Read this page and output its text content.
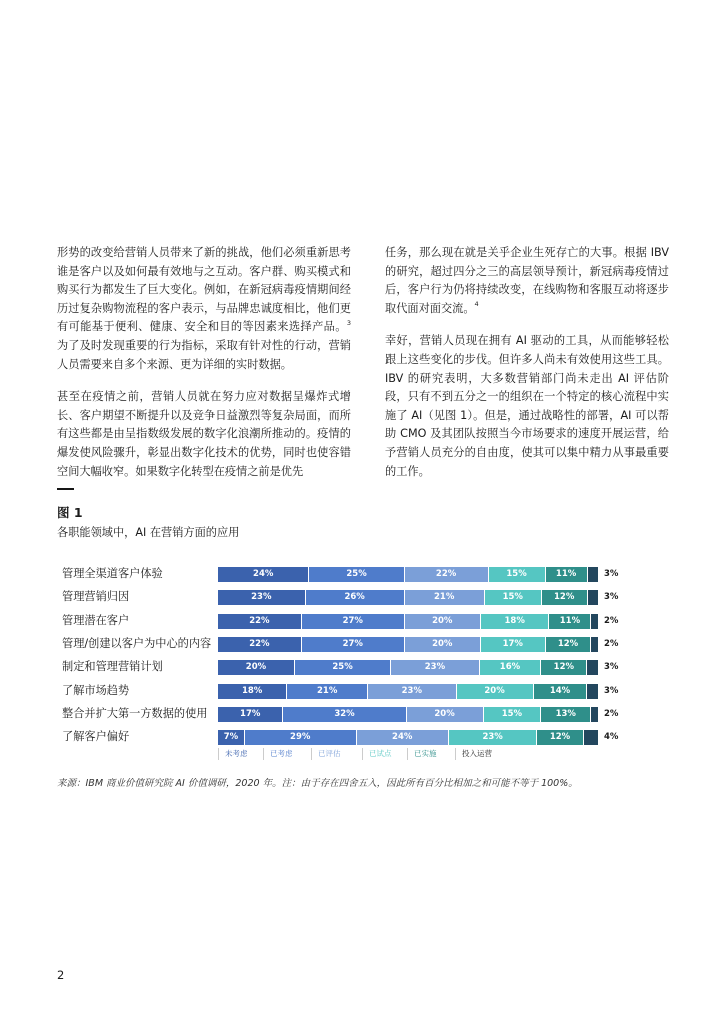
形势的改变给营销人员带来了新的挑战，他们必须重新思考谁是客户以及如何最有效地与之互动。客户群、购买模式和购买行为都发生了巨大变化。例如，在新冠病毒疫情期间经历过复杂购物流程的客户表示，与品牌忠诚度相比，他们更有可能基于便利、健康、安全和目的等因素来选择产品。$^3$ 为了及时发现重要的行为指标，采取有针对性的行动，营销人员需要来自多个来源、更为详细的实时数据。

甚至在疫情之前，营销人员就在努力应对数据呈爆炸式增长、客户期望不断提升以及竞争日益激烈等复杂局面，而所有这些都是由呈指数级发展的数字化浪潮所推动的。疫情的爆发使风险骤升，彰显出数字化技术的优势，同时也使容错空间大幅收窄。如果数字化转型在疫情之前是优先

任务，那么现在就是关乎企业生死存亡的大事。根据 IBV 的研究，超过四分之三的高层领导预计，新冠病毒疫情过后，客户行为仍将持续改变，在线购物和客服互动将逐步取代面对面交流。$^4$

幸好，营销人员现在拥有 AI 驱动的工具，从而能够轻松跟上这些变化的步伐。但许多人尚未有效使用这些工具。IBV 的研究表明，大多数营销部门尚未走出 AI 评估阶段，只有不到五分之一的组织在一个特定的核心流程中实施了 AI（见图 1）。但是，通过战略性的部署，AI 可以帮助 CMO 及其团队按照当今市场要求的速度开展运营，给予营销人员充分的自由度，使其可以集中精力从事最重要的工作。

图 1
各职能领域中，AI 在营销方面的应用
管理全渠道客户体验	24%	25%	22%	15%	11%	3%
管理营销归因	23%	26%	21%	15%	12%	3%
管理潜在客户	22%	27%	20%	18%	11%	2%
管理/创建以客户为中心的内容	22%	27%	20%	17%	12%	2%
制定和管理营销计划	20%	25%	23%	16%	12%	3%
了解市场趋势	18%	21%	23%	20%	14%	3%
整合并扩大第一方数据的使用	17%	32%	20%	15%	13%	2%
了解客户偏好	7%	29%	24%	23%	12%	4%
来源：IBM 商业价值研究院 AI 价值调研，2020 年。注：由于存在四舍五入，因此所有百分比相加之和可能不等于 100%。
2
未考虑	已考虑	已评估	已试点	已实施	投入运营
